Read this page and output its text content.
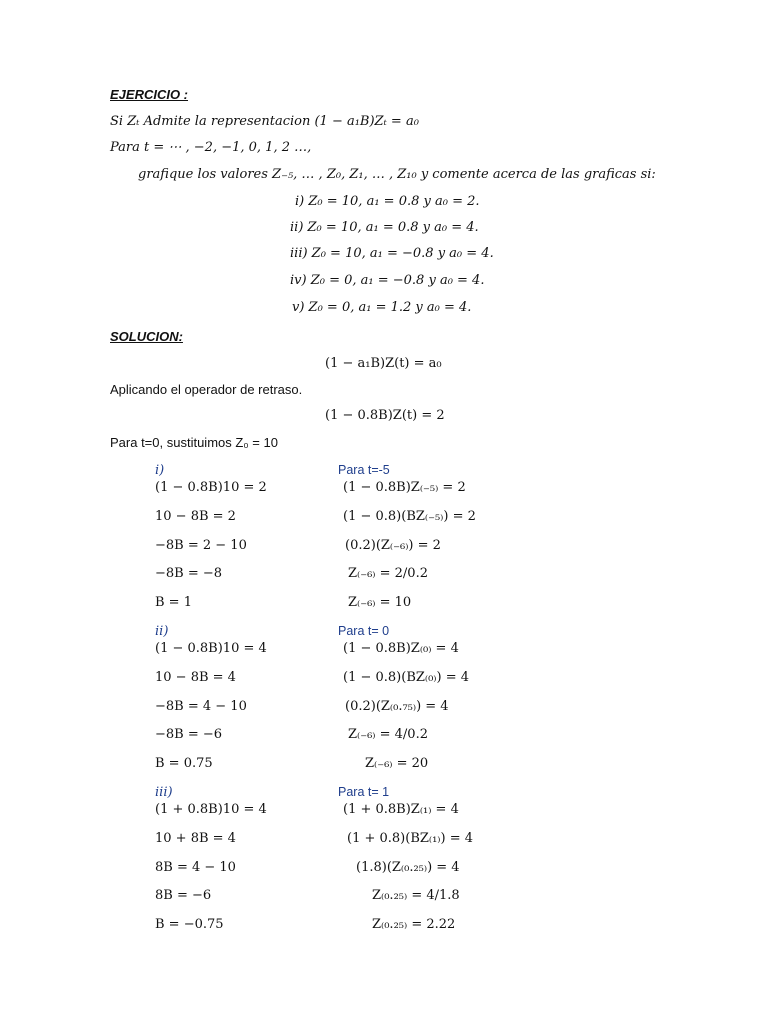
EJERCICIO :
Si Zₜ Admite la representacion (1 − a₁B)Zₜ = a₀
Para t = ⋯ , −2, −1, 0, 1, 2 …,
grafique los valores Z₋₅, … , Z₀, Z₁, … , Z₁₀ y comente acerca de las graficas si:
i) Z₀ = 10, a₁ = 0.8 y a₀ = 2.
ii) Z₀ = 10, a₁ = 0.8 y a₀ = 4.
iii) Z₀ = 10, a₁ = −0.8 y a₀ = 4.
iv) Z₀ = 0, a₁ = −0.8 y a₀ = 4.
v) Z₀ = 0, a₁ = 1.2 y a₀ = 4.
SOLUCION:
(1 − a₁B)Z(t) = a₀
Aplicando el operador de retraso.
(1 − 0.8B)Z(t) = 2
Para t=0, sustituimos Z₀ = 10
i)	Para t=-5
(1 − 0.8B)10 = 2	(1 − 0.8B)Z₍₋₅₎ = 2
10 − 8B = 2	(1 − 0.8)(BZ₍₋₅₎) = 2
−8B = 2 − 10	(0.2)(Z₍₋₆₎) = 2
−8B = −8	Z₍₋₆₎ = 2/0.2
B = 1	Z₍₋₆₎ = 10
ii)	Para t= 0
(1 − 0.8B)10 = 4	(1 − 0.8B)Z₍₀₎ = 4
10 − 8B = 4	(1 − 0.8)(BZ₍₀₎) = 4
−8B = 4 − 10	(0.2)(Z₍₀.₇₅₎) = 4
−8B = −6	Z₍₋₆₎ = 4/0.2
B = 0.75	Z₍₋₆₎ = 20
iii)	Para t= 1
(1 + 0.8B)10 = 4	(1 + 0.8B)Z₍₁₎ = 4
10 + 8B = 4	(1 + 0.8)(BZ₍₁₎) = 4
8B = 4 − 10	(1.8)(Z₍₀.₂₅₎) = 4
8B = −6	Z₍₀.₂₅₎ = 4/1.8
B = −0.75	Z₍₀.₂₅₎ = 2.22
